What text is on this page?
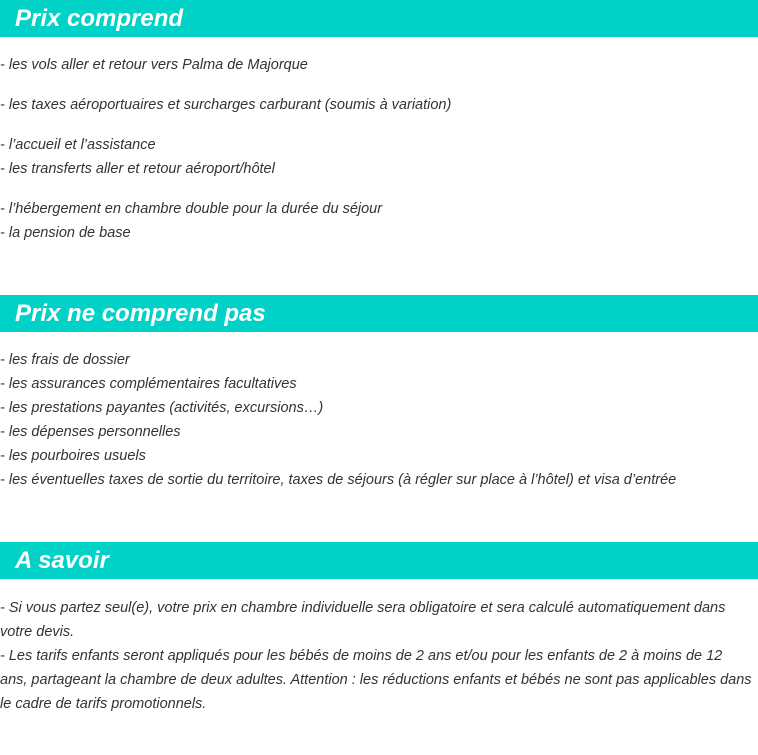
Prix comprend
- les vols aller et retour vers Palma de Majorque
- les taxes aéroportuaires et surcharges carburant (soumis à variation)
- l’accueil et l’assistance
- les transferts aller et retour aéroport/hôtel
- l’hébergement en chambre double pour la durée du séjour
- la pension de base
Prix ne comprend pas
- les frais de dossier
- les assurances complémentaires facultatives
- les prestations payantes (activités, excursions…)
- les dépenses personnelles
- les pourboires usuels
- les éventuelles taxes de sortie du territoire, taxes de séjours (à régler sur place à l’hôtel) et visa d’entrée
A savoir
- Si vous partez seul(e), votre prix en chambre individuelle sera obligatoire et sera calculé automatiquement dans votre devis.
- Les tarifs enfants seront appliqués pour les bébés de moins de 2 ans et/ou pour les enfants de 2 à moins de 12 ans, partageant la chambre de deux adultes. Attention : les réductions enfants et bébés ne sont pas applicables dans le cadre de tarifs promotionnels.
